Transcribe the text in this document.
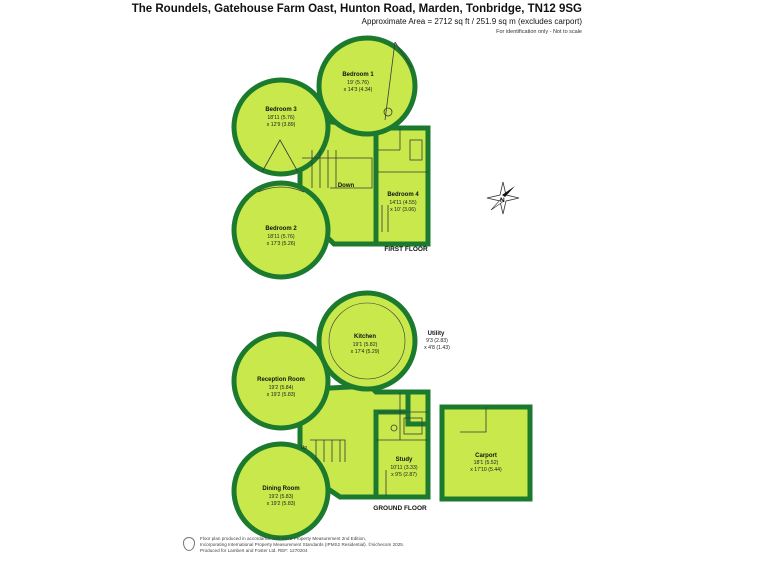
The Roundels, Gatehouse Farm Oast, Hunton Road, Marden, Tonbridge, TN12 9SG
Approximate Area = 2712 sq ft / 251.9 sq m (excludes carport)
For identification only - Not to scale
N
Bedroom 1
19' (5.76)
x 14'3 (4.34)
Bedroom 3
18'11 (5.76)
x 12'9 (3.89)
Bedroom 4
14'11 (4.55)
x 10' (3.06)
Bedroom 2
18'11 (5.76)
x 17'3 (5.26)
Down
FIRST FLOOR
Kitchen
19'1 (5.82)
x 17'4 (5.29)
Utility
9'3 (2.83)
x 4'8 (1.43)
Reception Room
19'2 (5.84)
x 19'2 (5.83)
Study
10'11 (3.33)
x 9'5 (2.87)
Dining Room
19'2 (5.83)
x 19'2 (5.83)
Up
GROUND FLOOR
Carport
18'1 (5.52)
x 17'10 (5.44)
Floor plan produced in accordance with RICS Property Measurement 2nd Edition,
Incorporating International Property Measurement Standards (IPMS2 Residential). ©nichecom 2025.
Produced for Lambert and Foster Ltd. REF: 1270204
